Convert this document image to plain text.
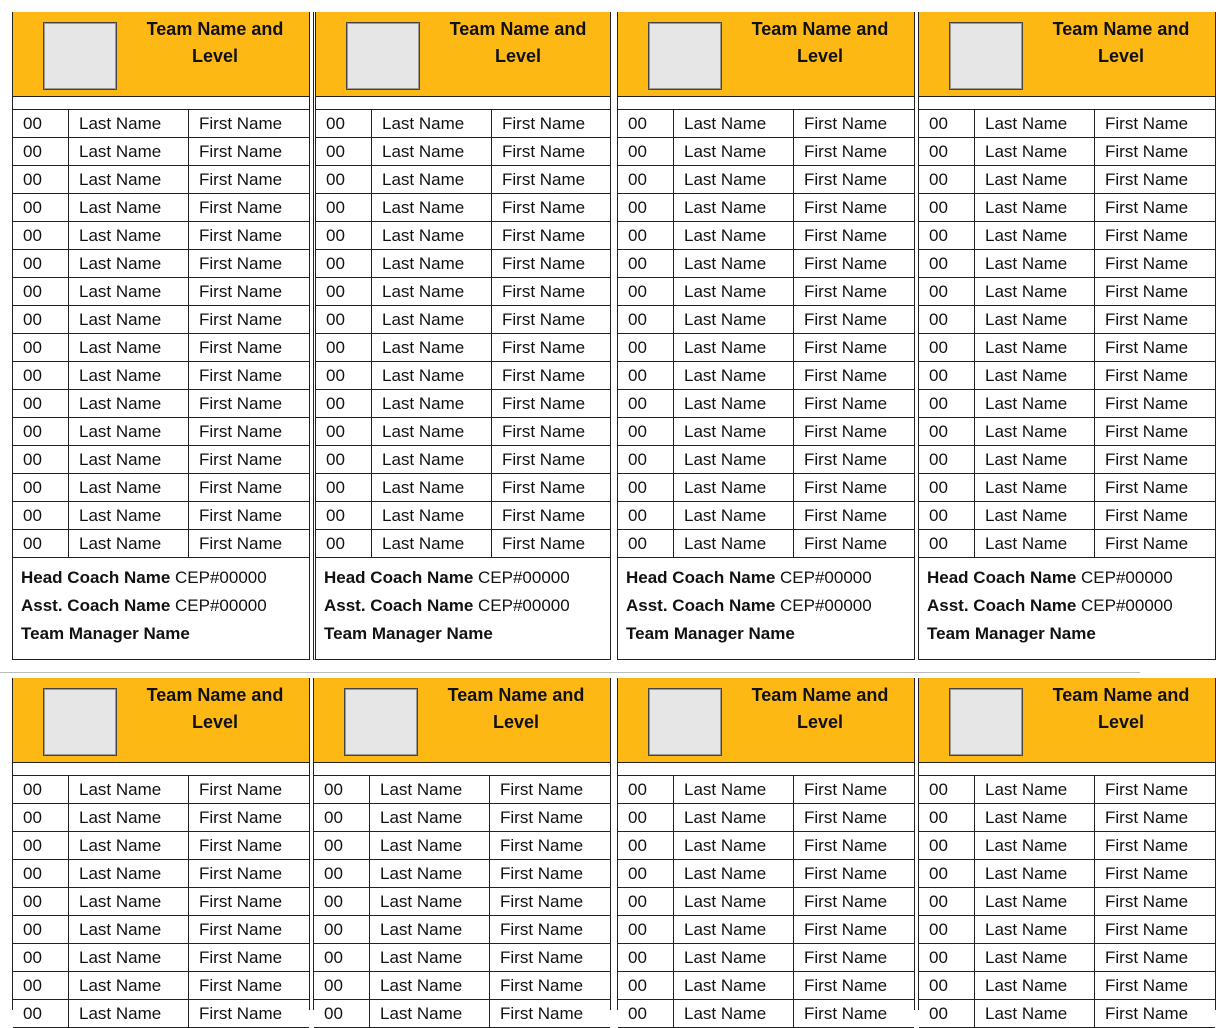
Team Name and
Level
00	Last Name	First Name
00	Last Name	First Name
00	Last Name	First Name
00	Last Name	First Name
00	Last Name	First Name
00	Last Name	First Name
00	Last Name	First Name
00	Last Name	First Name
00	Last Name	First Name
00	Last Name	First Name
00	Last Name	First Name
00	Last Name	First Name
00	Last Name	First Name
00	Last Name	First Name
00	Last Name	First Name
00	Last Name	First Name
Head Coach Name CEP#00000
Asst. Coach Name CEP#00000
Team Manager Name
Team Name and
Level
00	Last Name	First Name
00	Last Name	First Name
00	Last Name	First Name
00	Last Name	First Name
00	Last Name	First Name
00	Last Name	First Name
00	Last Name	First Name
00	Last Name	First Name
00	Last Name	First Name
00	Last Name	First Name
00	Last Name	First Name
00	Last Name	First Name
00	Last Name	First Name
00	Last Name	First Name
00	Last Name	First Name
00	Last Name	First Name
Head Coach Name CEP#00000
Asst. Coach Name CEP#00000
Team Manager Name
Team Name and
Level
00	Last Name	First Name
00	Last Name	First Name
00	Last Name	First Name
00	Last Name	First Name
00	Last Name	First Name
00	Last Name	First Name
00	Last Name	First Name
00	Last Name	First Name
00	Last Name	First Name
00	Last Name	First Name
00	Last Name	First Name
00	Last Name	First Name
00	Last Name	First Name
00	Last Name	First Name
00	Last Name	First Name
00	Last Name	First Name
Head Coach Name CEP#00000
Asst. Coach Name CEP#00000
Team Manager Name
Team Name and
Level
00	Last Name	First Name
00	Last Name	First Name
00	Last Name	First Name
00	Last Name	First Name
00	Last Name	First Name
00	Last Name	First Name
00	Last Name	First Name
00	Last Name	First Name
00	Last Name	First Name
00	Last Name	First Name
00	Last Name	First Name
00	Last Name	First Name
00	Last Name	First Name
00	Last Name	First Name
00	Last Name	First Name
00	Last Name	First Name
Head Coach Name CEP#00000
Asst. Coach Name CEP#00000
Team Manager Name
Team Name and
Level
00	Last Name	First Name
00	Last Name	First Name
00	Last Name	First Name
00	Last Name	First Name
00	Last Name	First Name
00	Last Name	First Name
00	Last Name	First Name
00	Last Name	First Name
00	Last Name	First Name
Team Name and
Level
00	Last Name	First Name
00	Last Name	First Name
00	Last Name	First Name
00	Last Name	First Name
00	Last Name	First Name
00	Last Name	First Name
00	Last Name	First Name
00	Last Name	First Name
00	Last Name	First Name
Team Name and
Level
00	Last Name	First Name
00	Last Name	First Name
00	Last Name	First Name
00	Last Name	First Name
00	Last Name	First Name
00	Last Name	First Name
00	Last Name	First Name
00	Last Name	First Name
00	Last Name	First Name
Team Name and
Level
00	Last Name	First Name
00	Last Name	First Name
00	Last Name	First Name
00	Last Name	First Name
00	Last Name	First Name
00	Last Name	First Name
00	Last Name	First Name
00	Last Name	First Name
00	Last Name	First Name
